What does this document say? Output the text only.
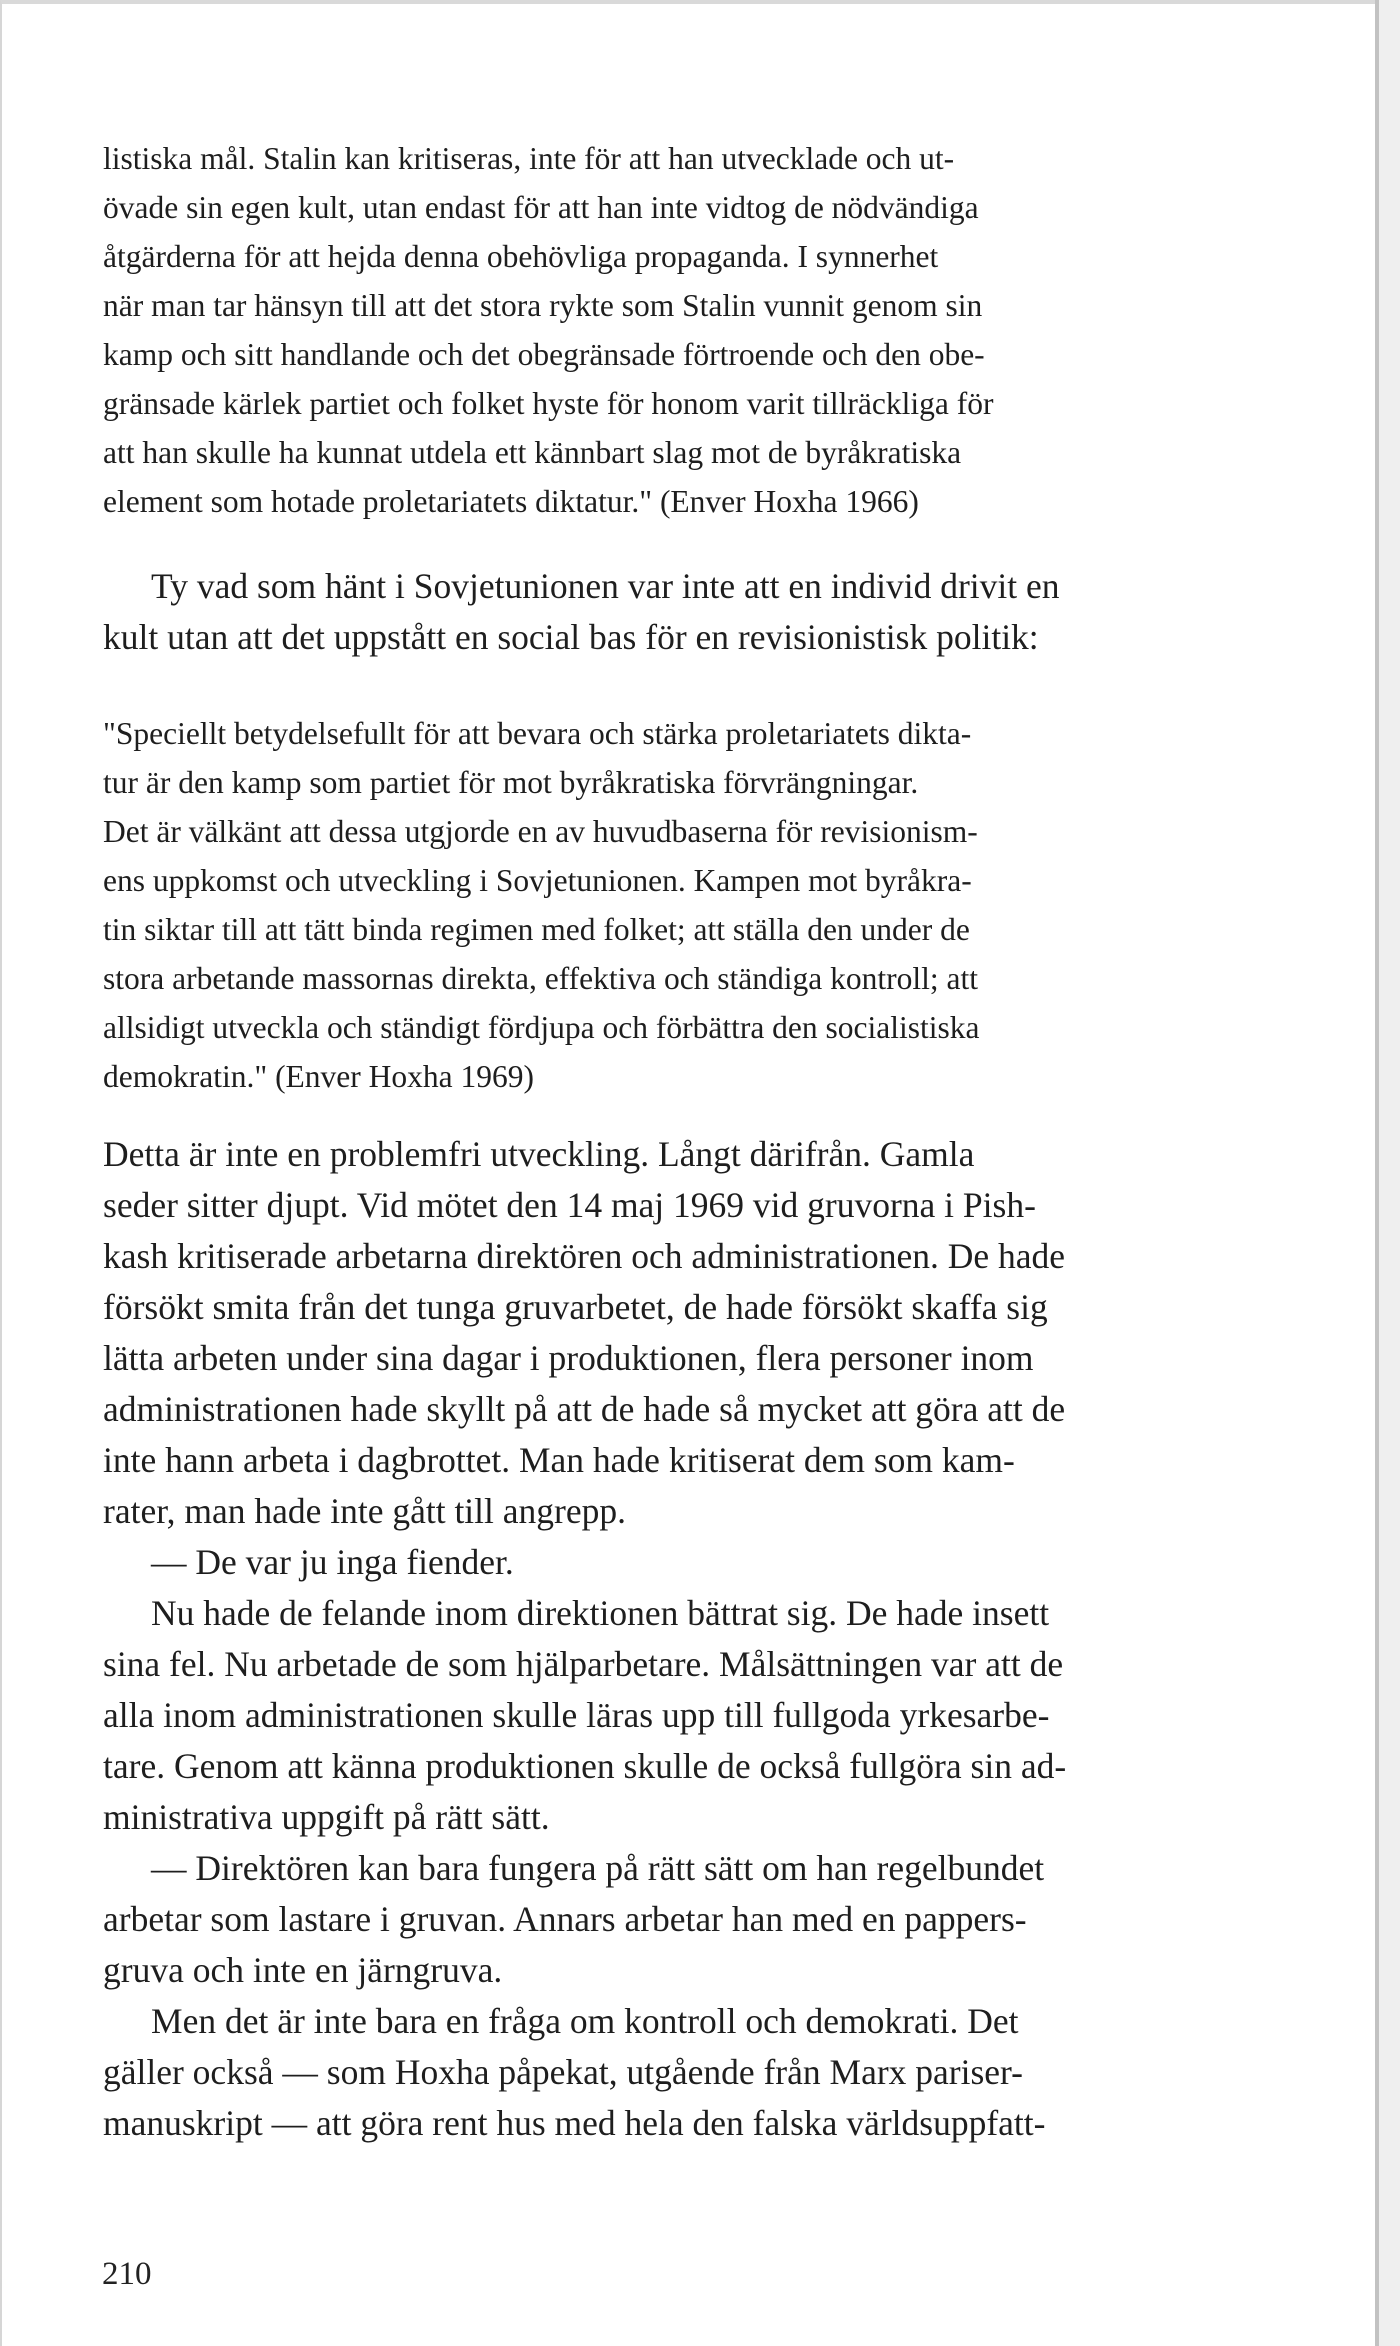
listiska mål. Stalin kan kritiseras, inte för att han utvecklade och ut-
övade sin egen kult, utan endast för att han inte vidtog de nödvändiga
åtgärderna för att hejda denna obehövliga propaganda. I synnerhet
när man tar hänsyn till att det stora rykte som Stalin vunnit genom sin
kamp och sitt handlande och det obegränsade förtroende och den obe-
gränsade kärlek partiet och folket hyste för honom varit tillräckliga för
att han skulle ha kunnat utdela ett kännbart slag mot de byråkratiska
element som hotade proletariatets diktatur." (Enver Hoxha 1966)

Ty vad som hänt i Sovjetunionen var inte att en individ drivit en
kult utan att det uppstått en social bas för en revisionistisk politik:

"Speciellt betydelsefullt för att bevara och stärka proletariatets dikta-
tur är den kamp som partiet för mot byråkratiska förvrängningar.
Det är välkänt att dessa utgjorde en av huvudbaserna för revisionism-
ens uppkomst och utveckling i Sovjetunionen. Kampen mot byråkra-
tin siktar till att tätt binda regimen med folket; att ställa den under de
stora arbetande massornas direkta, effektiva och ständiga kontroll; att
allsidigt utveckla och ständigt fördjupa och förbättra den socialistiska
demokratin." (Enver Hoxha 1969)

Detta är inte en problemfri utveckling. Långt därifrån. Gamla
seder sitter djupt. Vid mötet den 14 maj 1969 vid gruvorna i Pish-
kash kritiserade arbetarna direktören och administrationen. De hade
försökt smita från det tunga gruvarbetet, de hade försökt skaffa sig
lätta arbeten under sina dagar i produktionen, flera personer inom
administrationen hade skyllt på att de hade så mycket att göra att de
inte hann arbeta i dagbrottet. Man hade kritiserat dem som kam-
rater, man hade inte gått till angrepp.

— De var ju inga fiender.

Nu hade de felande inom direktionen bättrat sig. De hade insett
sina fel. Nu arbetade de som hjälparbetare. Målsättningen var att de
alla inom administrationen skulle läras upp till fullgoda yrkesarbe-
tare. Genom att känna produktionen skulle de också fullgöra sin ad-
ministrativa uppgift på rätt sätt.

— Direktören kan bara fungera på rätt sätt om han regelbundet
arbetar som lastare i gruvan. Annars arbetar han med en pappers-
gruva och inte en järngruva.

Men det är inte bara en fråga om kontroll och demokrati. Det
gäller också — som Hoxha påpekat, utgående från Marx pariser-
manuskript — att göra rent hus med hela den falska världsuppfatt-

210
